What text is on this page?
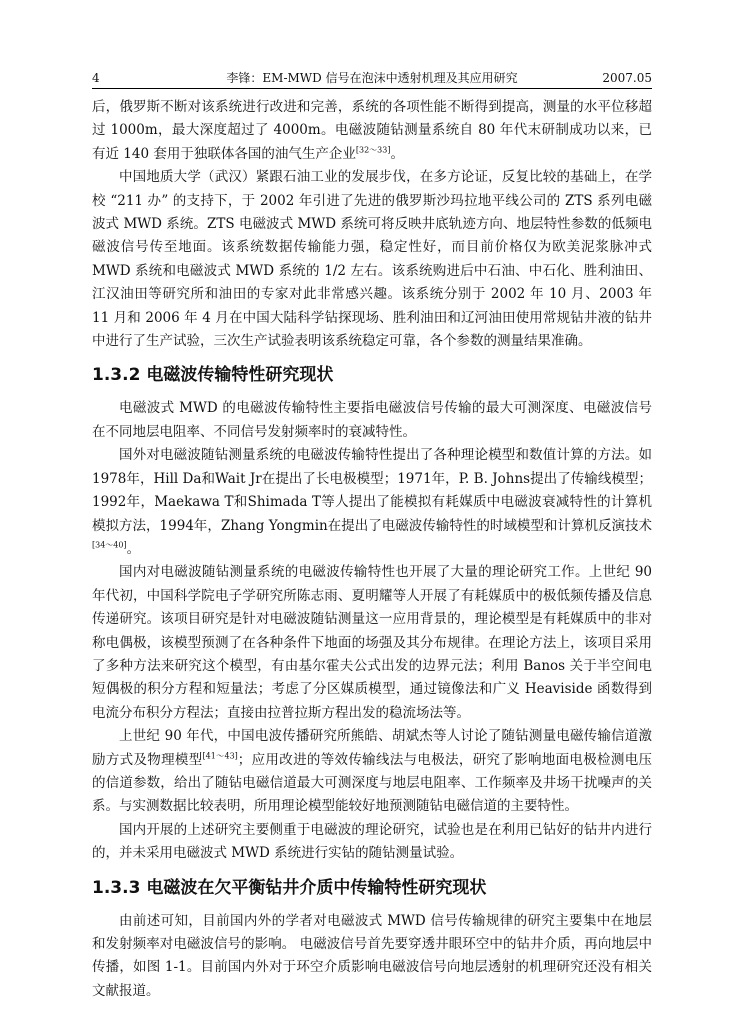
4	李锋：EM-MWD 信号在泡沫中透射机理及其应用研究	2007.05

后，俄罗斯不断对该系统进行改进和完善，系统的各项性能不断得到提高，测量的水平位移超过 1000m，最大深度超过了 4000m。电磁波随钻测量系统自 80 年代末研制成功以来，已有近 140 套用于独联体各国的油气生产企业[32～33]。

中国地质大学（武汉）紧跟石油工业的发展步伐，在多方论证，反复比较的基础上，在学校 “211 办” 的支持下，于 2002 年引进了先进的俄罗斯沙玛拉地平线公司的 ZTS 系列电磁波式 MWD 系统。ZTS 电磁波式 MWD 系统可将反映井底轨迹方向、地层特性参数的低频电磁波信号传至地面。该系统数据传输能力强，稳定性好，而目前价格仅为欧美泥浆脉冲式 MWD 系统和电磁波式 MWD 系统的 1/2 左右。该系统购进后中石油、中石化、胜利油田、江汉油田等研究所和油田的专家对此非常感兴趣。该系统分别于 2002 年 10 月、2003 年 11 月和 2006 年 4 月在中国大陆科学钻探现场、胜利油田和辽河油田使用常规钻井液的钻井中进行了生产试验，三次生产试验表明该系统稳定可靠，各个参数的测量结果准确。

1.3.2 电磁波传输特性研究现状

电磁波式 MWD 的电磁波传输特性主要指电磁波信号传输的最大可测深度、电磁波信号在不同地层电阻率、不同信号发射频率时的衰减特性。

国外对电磁波随钻测量系统的电磁波传输特性提出了各种理论模型和数值计算的方法。如1978年，Hill Da和Wait Jr在提出了长电极模型；1971年，P. B. Johns提出了传输线模型；1992年，Maekawa T和Shimada T等人提出了能模拟有耗媒质中电磁波衰减特性的计算机模拟方法，1994年，Zhang Yongmin在提出了电磁波传输特性的时域模型和计算机反演技术[34～40]。

国内对电磁波随钻测量系统的电磁波传输特性也开展了大量的理论研究工作。上世纪 90 年代初，中国科学院电子学研究所陈志雨、夏明耀等人开展了有耗媒质中的极低频传播及信息传递研究。该项目研究是针对电磁波随钻测量这一应用背景的，理论模型是有耗媒质中的非对称电偶极，该模型预测了在各种条件下地面的场强及其分布规律。在理论方法上，该项目采用了多种方法来研究这个模型，有由基尔霍夫公式出发的边界元法；利用 Banos 关于半空间电短偶极的积分方程和短量法；考虑了分区媒质模型，通过镜像法和广义 Heaviside 函数得到电流分布积分方程法；直接由拉普拉斯方程出发的稳流场法等。

上世纪 90 年代，中国电波传播研究所熊皓、胡斌杰等人讨论了随钻测量电磁传输信道激励方式及物理模型[41～43]；应用改进的等效传输线法与电极法，研究了影响地面电极检测电压的信道参数，给出了随钻电磁信道最大可测深度与地层电阻率、工作频率及井场干扰噪声的关系。与实测数据比较表明，所用理论模型能较好地预测随钻电磁信道的主要特性。

国内开展的上述研究主要侧重于电磁波的理论研究，试验也是在利用已钻好的钻井内进行的，并未采用电磁波式 MWD 系统进行实钻的随钻测量试验。

1.3.3 电磁波在欠平衡钻井介质中传输特性研究现状

由前述可知，目前国内外的学者对电磁波式 MWD 信号传输规律的研究主要集中在地层和发射频率对电磁波信号的影响。 电磁波信号首先要穿透井眼环空中的钻井介质，再向地层中传播，如图 1-1。目前国内外对于环空介质影响电磁波信号向地层透射的机理研究还没有相关文献报道。
